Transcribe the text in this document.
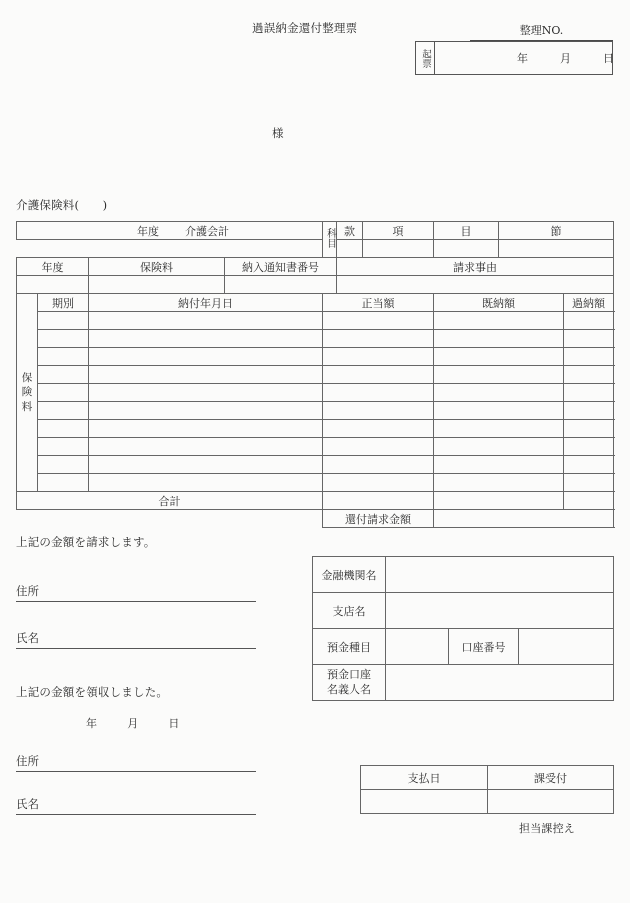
過誤納金還付整理票	整理NO.
起票	年	月	日
様
介護保険料(　　)
年度 介護会計				科目	款	項	目	節	

年度		保険料	納入通知書番号		請求事由				

保
険
料	期別	納付年月日		正当額			既納額		過納額

合計									
				還付請求金額					
上記の金額を請求します。
住所
氏名
上記の金額を領収しました。
年	月	日
住所
氏名
金融機関名			
支店名			
預金種目		口座番号	

預金口座
名義人名			

支払日	課受付

担当課控え
